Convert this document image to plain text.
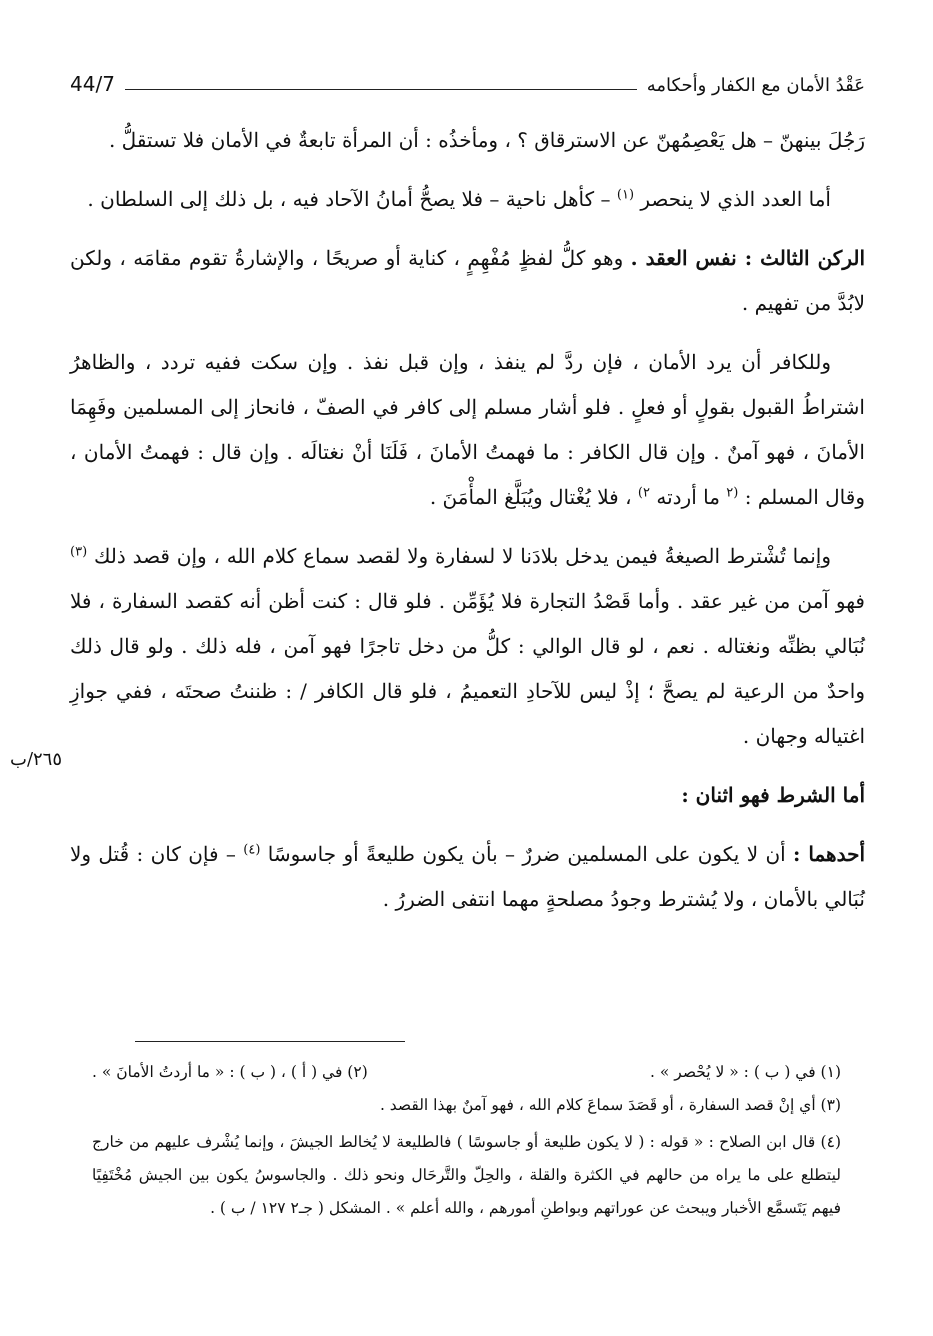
عَقْدُ الأمان مع الكفار وأحكامه
44/7

رَجُلَ بينهنّ – هل يَعْصِمُهنّ عن الاسترقاق ؟ ، ومأخذُه : أن المرأة تابعةٌ في الأمان فلا تستقلُّ .

أما العدد الذي لا ينحصر $^{(١)}$ – كأهل ناحية – فلا يصحُّ أمانُ الآحاد فيه ، بل ذلك إلى السلطان .

الركن الثالث : نفس العقد . وهو كلُّ لفظٍ مُفْهِمٍ ، كناية أو صريحًا ، والإشارةُ تقوم مقامَه ، ولكن لابُدَّ من تفهيم .

وللكافر أن يرد الأمان ، فإن ردَّ لم ينفذ ، وإن قبل نفذ . وإن سكت ففيه تردد ، والظاهرُ اشتراطُ القبول بقولٍ أو فعلٍ . فلو أشار مسلم إلى كافر في الصفّ ، فانحاز إلى المسلمين وفَهِمَا الأمانَ ، فهو آمنٌ . وإن قال الكافر : ما فهمتُ الأمانَ ، فَلَنَا أنْ نغتالَه . وإن قال : فهمتُ الأمان ، وقال المسلم : $^{(٢}$ ما أردته $^{٢)}$ ، فلا يُغْتال ويُبَلَّغ المأْمَنَ .

وإنما تُشْترط الصيغةُ فيمن يدخل بلادَنا لا لسفارة ولا لقصد سماع كلام الله ، وإن قصد ذلك $^{(٣)}$ فهو آمن من غير عقد . وأما قَصْدُ التجارة فلا يُؤَمِّن . فلو قال : كنت أظن أنه كقصد السفارة ، فلا نُبَالي بظنِّه ونغتاله . نعم ، لو قال الوالي : كلُّ من دخل تاجرًا فهو آمن ، فله ذلك . ولو قال ذلك واحدٌ من الرعية لم يصحَّ ؛ إذْ ليس للآحادِ التعميمُ ، فلو قال الكافر / : ظننتُ صحتَه ، ففي جوازِ اغتياله وجهان .

أما الشرط فهو اثنان :

أحدهما : أن لا يكون على المسلمين ضررٌ – بأن يكون طليعةً أو جاسوسًا $^{(٤)}$ – فإن كان : قُتل ولا نُبَالي بالأمان ، ولا يُشترط وجودُ مصلحةٍ مهما انتفى الضررُ .

٢٦٥/ب
(١) في ( ب ) : « لا يُحْصر » .
(٢) في ( أ ) ، ( ب ) : « ما أردتُ الأمانَ » .

(٣) أي إنْ قصد السفارة ، أو قَصَدَ سماعَ كلام الله ، فهو آمنٌ بهذا القصد .

(٤) قال ابن الصلاح : « قوله : ( لا يكون طليعة أو جاسوسًا ) فالطليعة لا يُخالط الجيشَ ، وإنما يُشْرف عليهم من خارج ليتطلع على ما يراه من حالهم في الكثرة والقلة ، والحِلّ والتَّرحَال ونحو ذلك . والجاسوسُ يكون بين الجيش مُخْتَفِيًا فيهم يَتَسمَّع الأخبار ويبحث عن عوراتهم وبواطنِ أمورهم ، والله أعلم » . المشكل ( جـ٢ ١٢٧ / ب ) .
